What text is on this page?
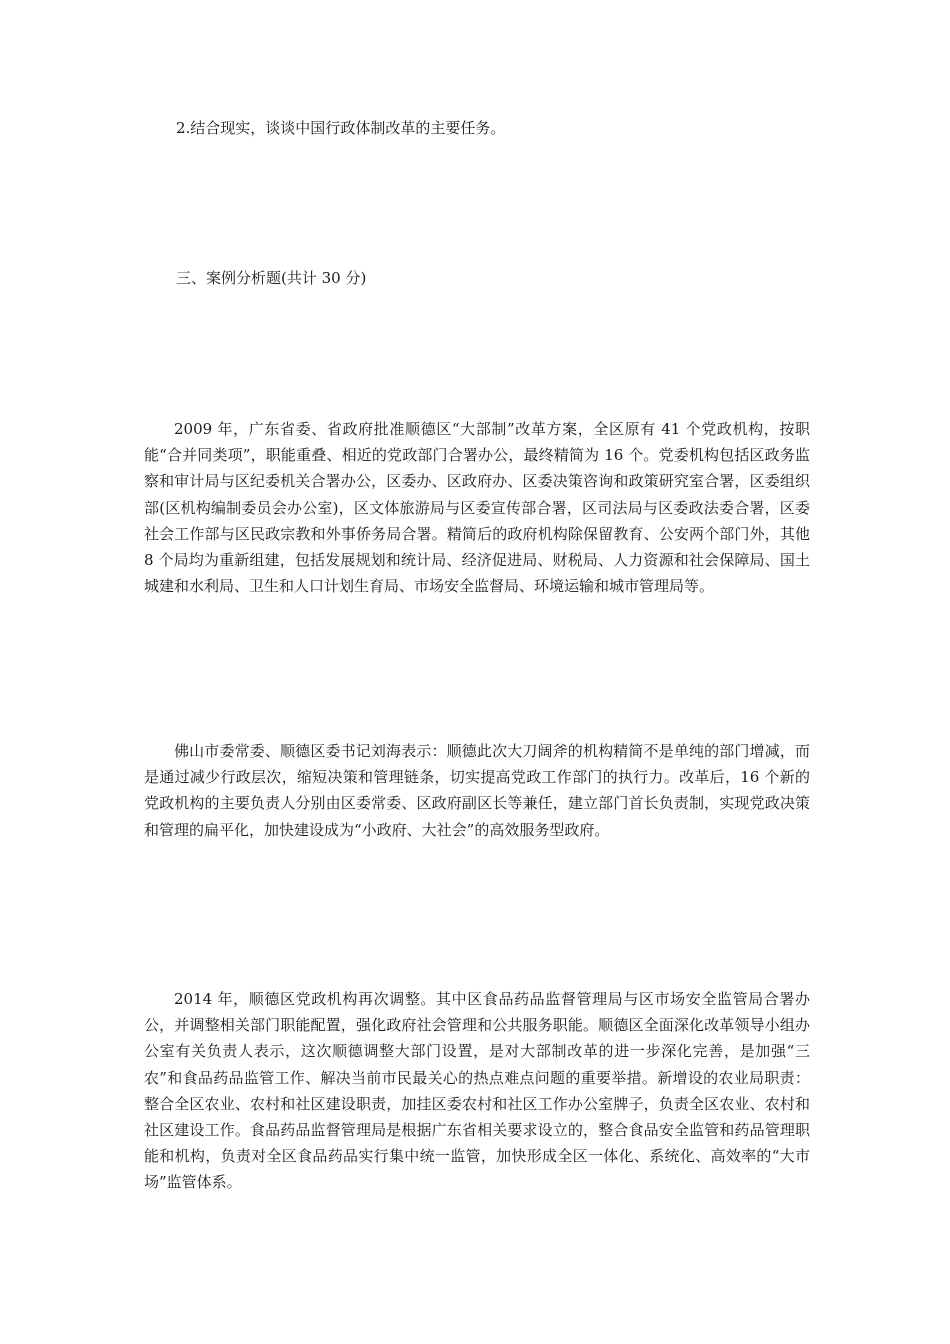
2.结合现实，谈谈中国行政体制改革的主要任务。

三、案例分析题(共计 30 分)

2009 年，广东省委、省政府批准顺德区“大部制”改革方案，全区原有 41 个党政机构，按职能“合并同类项”，职能重叠、相近的党政部门合署办公，最终精简为 16 个。党委机构包括区政务监察和审计局与区纪委机关合署办公，区委办、区政府办、区委决策咨询和政策研究室合署，区委组织部(区机构编制委员会办公室)，区文体旅游局与区委宣传部合署，区司法局与区委政法委合署，区委社会工作部与区民政宗教和外事侨务局合署。精简后的政府机构除保留教育、公安两个部门外，其他 8 个局均为重新组建，包括发展规划和统计局、经济促进局、财税局、人力资源和社会保障局、国土城建和水利局、卫生和人口计划生育局、市场安全监督局、环境运输和城市管理局等。

佛山市委常委、顺德区委书记刘海表示：顺德此次大刀阔斧的机构精简不是单纯的部门增减，而是通过减少行政层次，缩短决策和管理链条，切实提高党政工作部门的执行力。改革后，16 个新的党政机构的主要负责人分别由区委常委、区政府副区长等兼任，建立部门首长负责制，实现党政决策和管理的扁平化，加快建设成为“小政府、大社会”的高效服务型政府。

2014 年，顺德区党政机构再次调整。其中区食品药品监督管理局与区市场安全监管局合署办公，并调整相关部门职能配置，强化政府社会管理和公共服务职能。顺德区全面深化改革领导小组办公室有关负责人表示，这次顺德调整大部门设置，是对大部制改革的进一步深化完善，是加强“三农”和食品药品监管工作、解决当前市民最关心的热点难点问题的重要举措。新增设的农业局职责：整合全区农业、农村和社区建设职责，加挂区委农村和社区工作办公室牌子，负责全区农业、农村和社区建设工作。食品药品监督管理局是根据广东省相关要求设立的，整合食品安全监管和药品管理职能和机构，负责对全区食品药品实行集中统一监管，加快形成全区一体化、系统化、高效率的“大市场”监管体系。
